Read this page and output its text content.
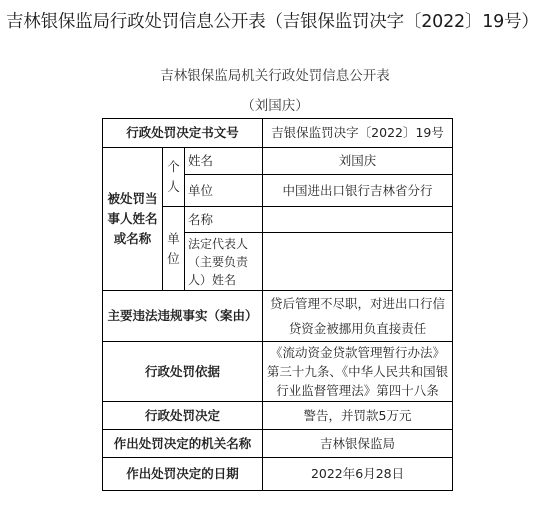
吉林银保监局行政处罚信息公开表（吉银保监罚决字〔2022〕19号）
吉林银保监局机关行政处罚信息公开表
（刘国庆）
行政处罚决定书文号			吉银保监罚决字〔2022〕19号
被处罚当事人姓名或名称	个人	姓名	刘国庆
		单位	中国进出口银行吉林省分行
	单位	名称	
		法定代表人（主要负责人）姓名	
主要违法违规事实（案由）			贷后管理不尽职，对进出口行信贷资金被挪用负直接责任
行政处罚依据			《流动资金贷款管理暂行办法》第三十九条、《中华人民共和国银行业监督管理法》第四十八条
行政处罚决定			警告，并罚款5万元
作出处罚决定的机关名称			吉林银保监局
作出处罚决定的日期			2022年6月28日
